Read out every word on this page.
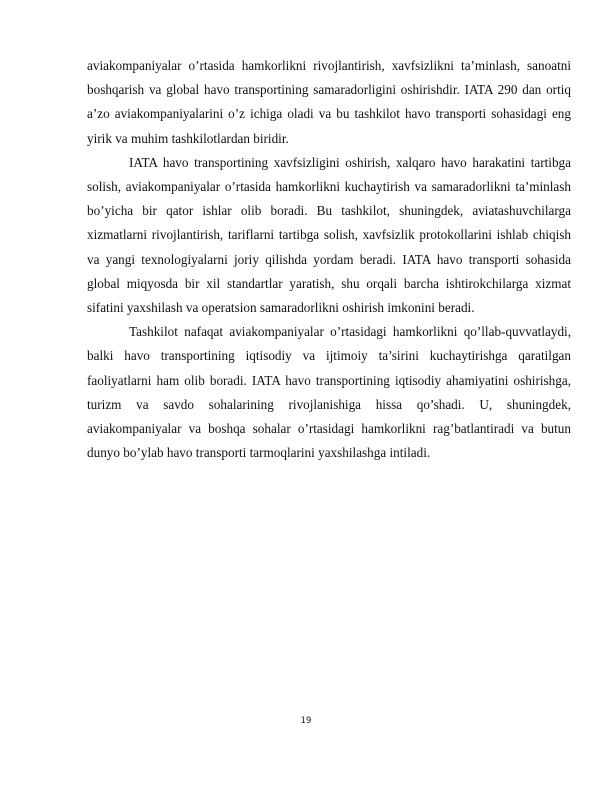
aviakompaniyalar o’rtasida hamkorlikni rivojlantirish, xavfsizlikni ta’minlash, sanoatni boshqarish va global havo transportining samaradorligini oshirishdir. IATA 290 dan ortiq a’zo aviakompaniyalarini o’z ichiga oladi va bu tashkilot havo transporti sohasidagi eng yirik va muhim tashkilotlardan biridir.

IATA havo transportining xavfsizligini oshirish, xalqaro havo harakatini tartibga solish, aviakompaniyalar o’rtasida hamkorlikni kuchaytirish va samaradorlikni ta’minlash bo’yicha bir qator ishlar olib boradi. Bu tashkilot, shuningdek, aviatashuvchilarga xizmatlarni rivojlantirish, tariflarni tartibga solish, xavfsizlik protokollarini ishlab chiqish va yangi texnologiyalarni joriy qilishda yordam beradi. IATA havo transporti sohasida global miqyosda bir xil standartlar yaratish, shu orqali barcha ishtirokchilarga xizmat sifatini yaxshilash va operatsion samaradorlikni oshirish imkonini beradi.

Tashkilot nafaqat aviakompaniyalar o’rtasidagi hamkorlikni qo’llab-quvvatlaydi, balki havo transportining iqtisodiy va ijtimoiy ta’sirini kuchaytirishga qaratilgan faoliyatlarni ham olib boradi. IATA havo transportining iqtisodiy ahamiyatini oshirishga, turizm va savdo sohalarining rivojlanishiga hissa qo’shadi. U, shuningdek, aviakompaniyalar va boshqa sohalar o’rtasidagi hamkorlikni rag’batlantiradi va butun dunyo bo’ylab havo transporti tarmoqlarini yaxshilashga intiladi.

19
